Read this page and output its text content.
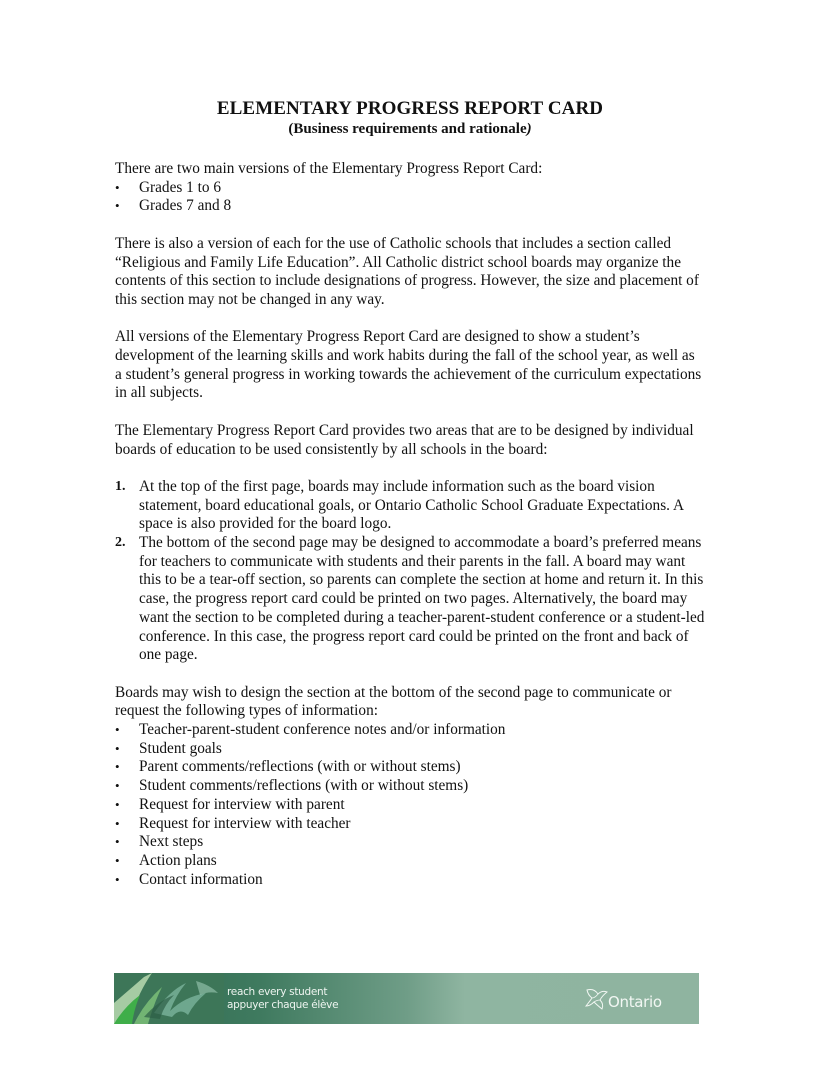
ELEMENTARY PROGRESS REPORT CARD
(Business requirements and rationale)

There are two main versions of the Elementary Progress Report Card:

•	Grades 1 to 6
•	Grades 7 and 8

There is also a version of each for the use of Catholic schools that includes a section called “Religious and Family Life Education”. All Catholic district school boards may organize the contents of this section to include designations of progress. However, the size and placement of this section may not be changed in any way.

All versions of the Elementary Progress Report Card are designed to show a student’s development of the learning skills and work habits during the fall of the school year, as well as a student’s general progress in working towards the achievement of the curriculum expectations in all subjects.

The Elementary Progress Report Card provides two areas that are to be designed by individual boards of education to be used consistently by all schools in the board:

1. At the top of the first page, boards may include information such as the board vision statement, board educational goals, or Ontario Catholic School Graduate Expectations. A space is also provided for the board logo.
2. The bottom of the second page may be designed to accommodate a board’s preferred means for teachers to communicate with students and their parents in the fall. A board may want this to be a tear-off section, so parents can complete the section at home and return it. In this case, the progress report card could be printed on two pages. Alternatively, the board may want the section to be completed during a teacher-parent-student conference or a student-led conference. In this case, the progress report card could be printed on the front and back of one page.

Boards may wish to design the section at the bottom of the second page to communicate or request the following types of information:

•	Teacher-parent-student conference notes and/or information
•	Student goals
•	Parent comments/reflections (with or without stems)
•	Student comments/reflections (with or without stems)
•	Request for interview with parent
•	Request for interview with teacher
•	Next steps
•	Action plans
•	Contact information
reach every student
appuyer chaque élève	Ontario
